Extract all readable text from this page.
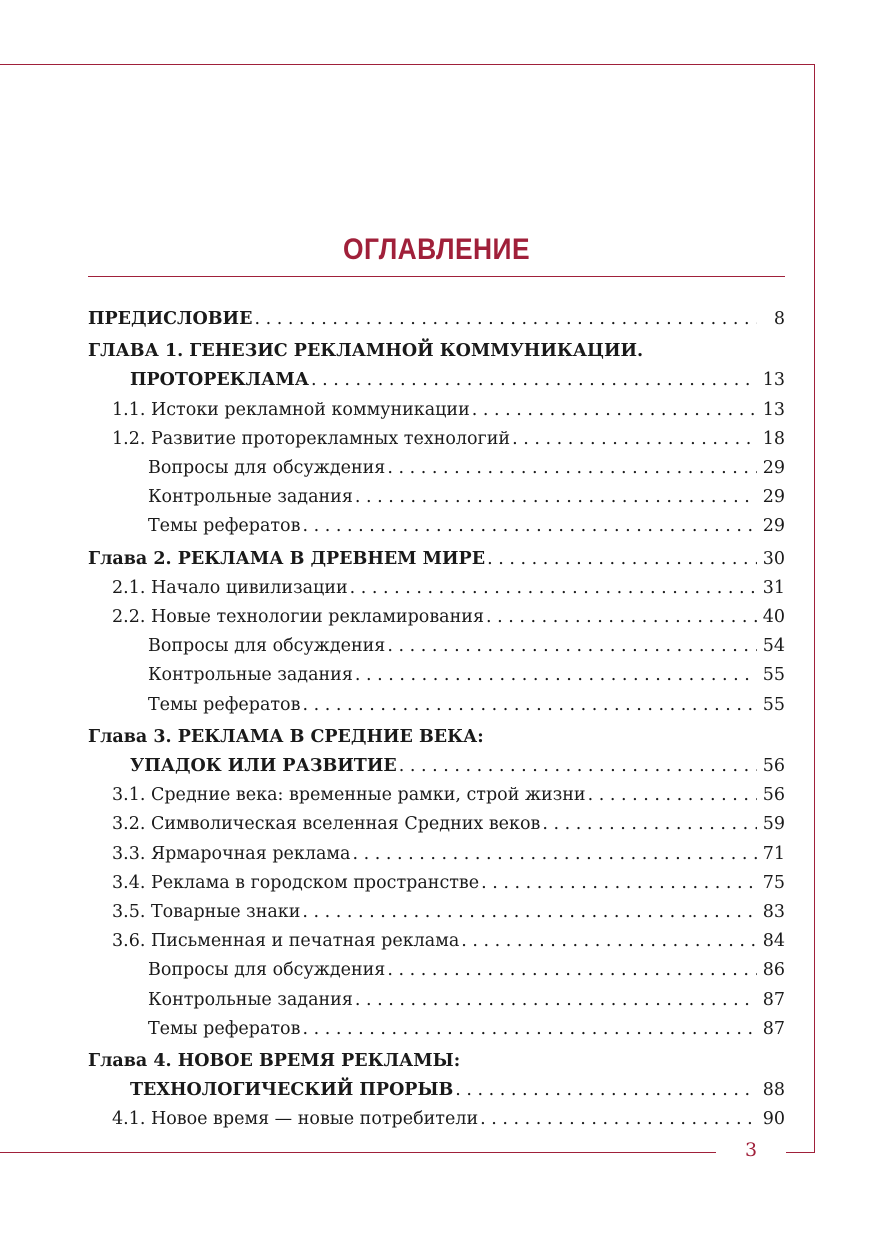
3
ОГЛАВЛЕНИЕ
ПРЕДИСЛОВИЕ . . .	8
ГЛАВА 1. ГЕНЕЗИС РЕКЛАМНОЙ КОММУНИКАЦИИ.
ПРОТОРЕКЛАМА . . .	13
1.1. Истоки рекламной коммуникации . . .	13
1.2. Развитие проторекламных технологий . . .	18
Вопросы для обсуждения . . .	29
Контрольные задания . . .	29
Темы рефератов . . .	29
Глава 2. РЕКЛАМА В ДРЕВНЕМ МИРЕ . . .	30
2.1. Начало цивилизации . . .	31
2.2. Новые технологии рекламирования . . .	40
Вопросы для обсуждения . . .	54
Контрольные задания . . .	55
Темы рефератов . . .	55
Глава 3. РЕКЛАМА В СРЕДНИЕ ВЕКА:
УПАДОК ИЛИ РАЗВИТИЕ . . .	56
3.1. Средние века: временные рамки, строй жизни . . .	56
3.2. Символическая вселенная Средних веков . . .	59
3.3. Ярмарочная реклама . . .	71
3.4. Реклама в городском пространстве . . .	75
3.5. Товарные знаки . . .	83
3.6. Письменная и печатная реклама . . .	84
Вопросы для обсуждения . . .	86
Контрольные задания . . .	87
Темы рефератов . . .	87
Глава 4. НОВОЕ ВРЕМЯ РЕКЛАМЫ:
ТЕХНОЛОГИЧЕСКИЙ ПРОРЫВ . . .	88
4.1. Новое время — новые потребители . . .	90
